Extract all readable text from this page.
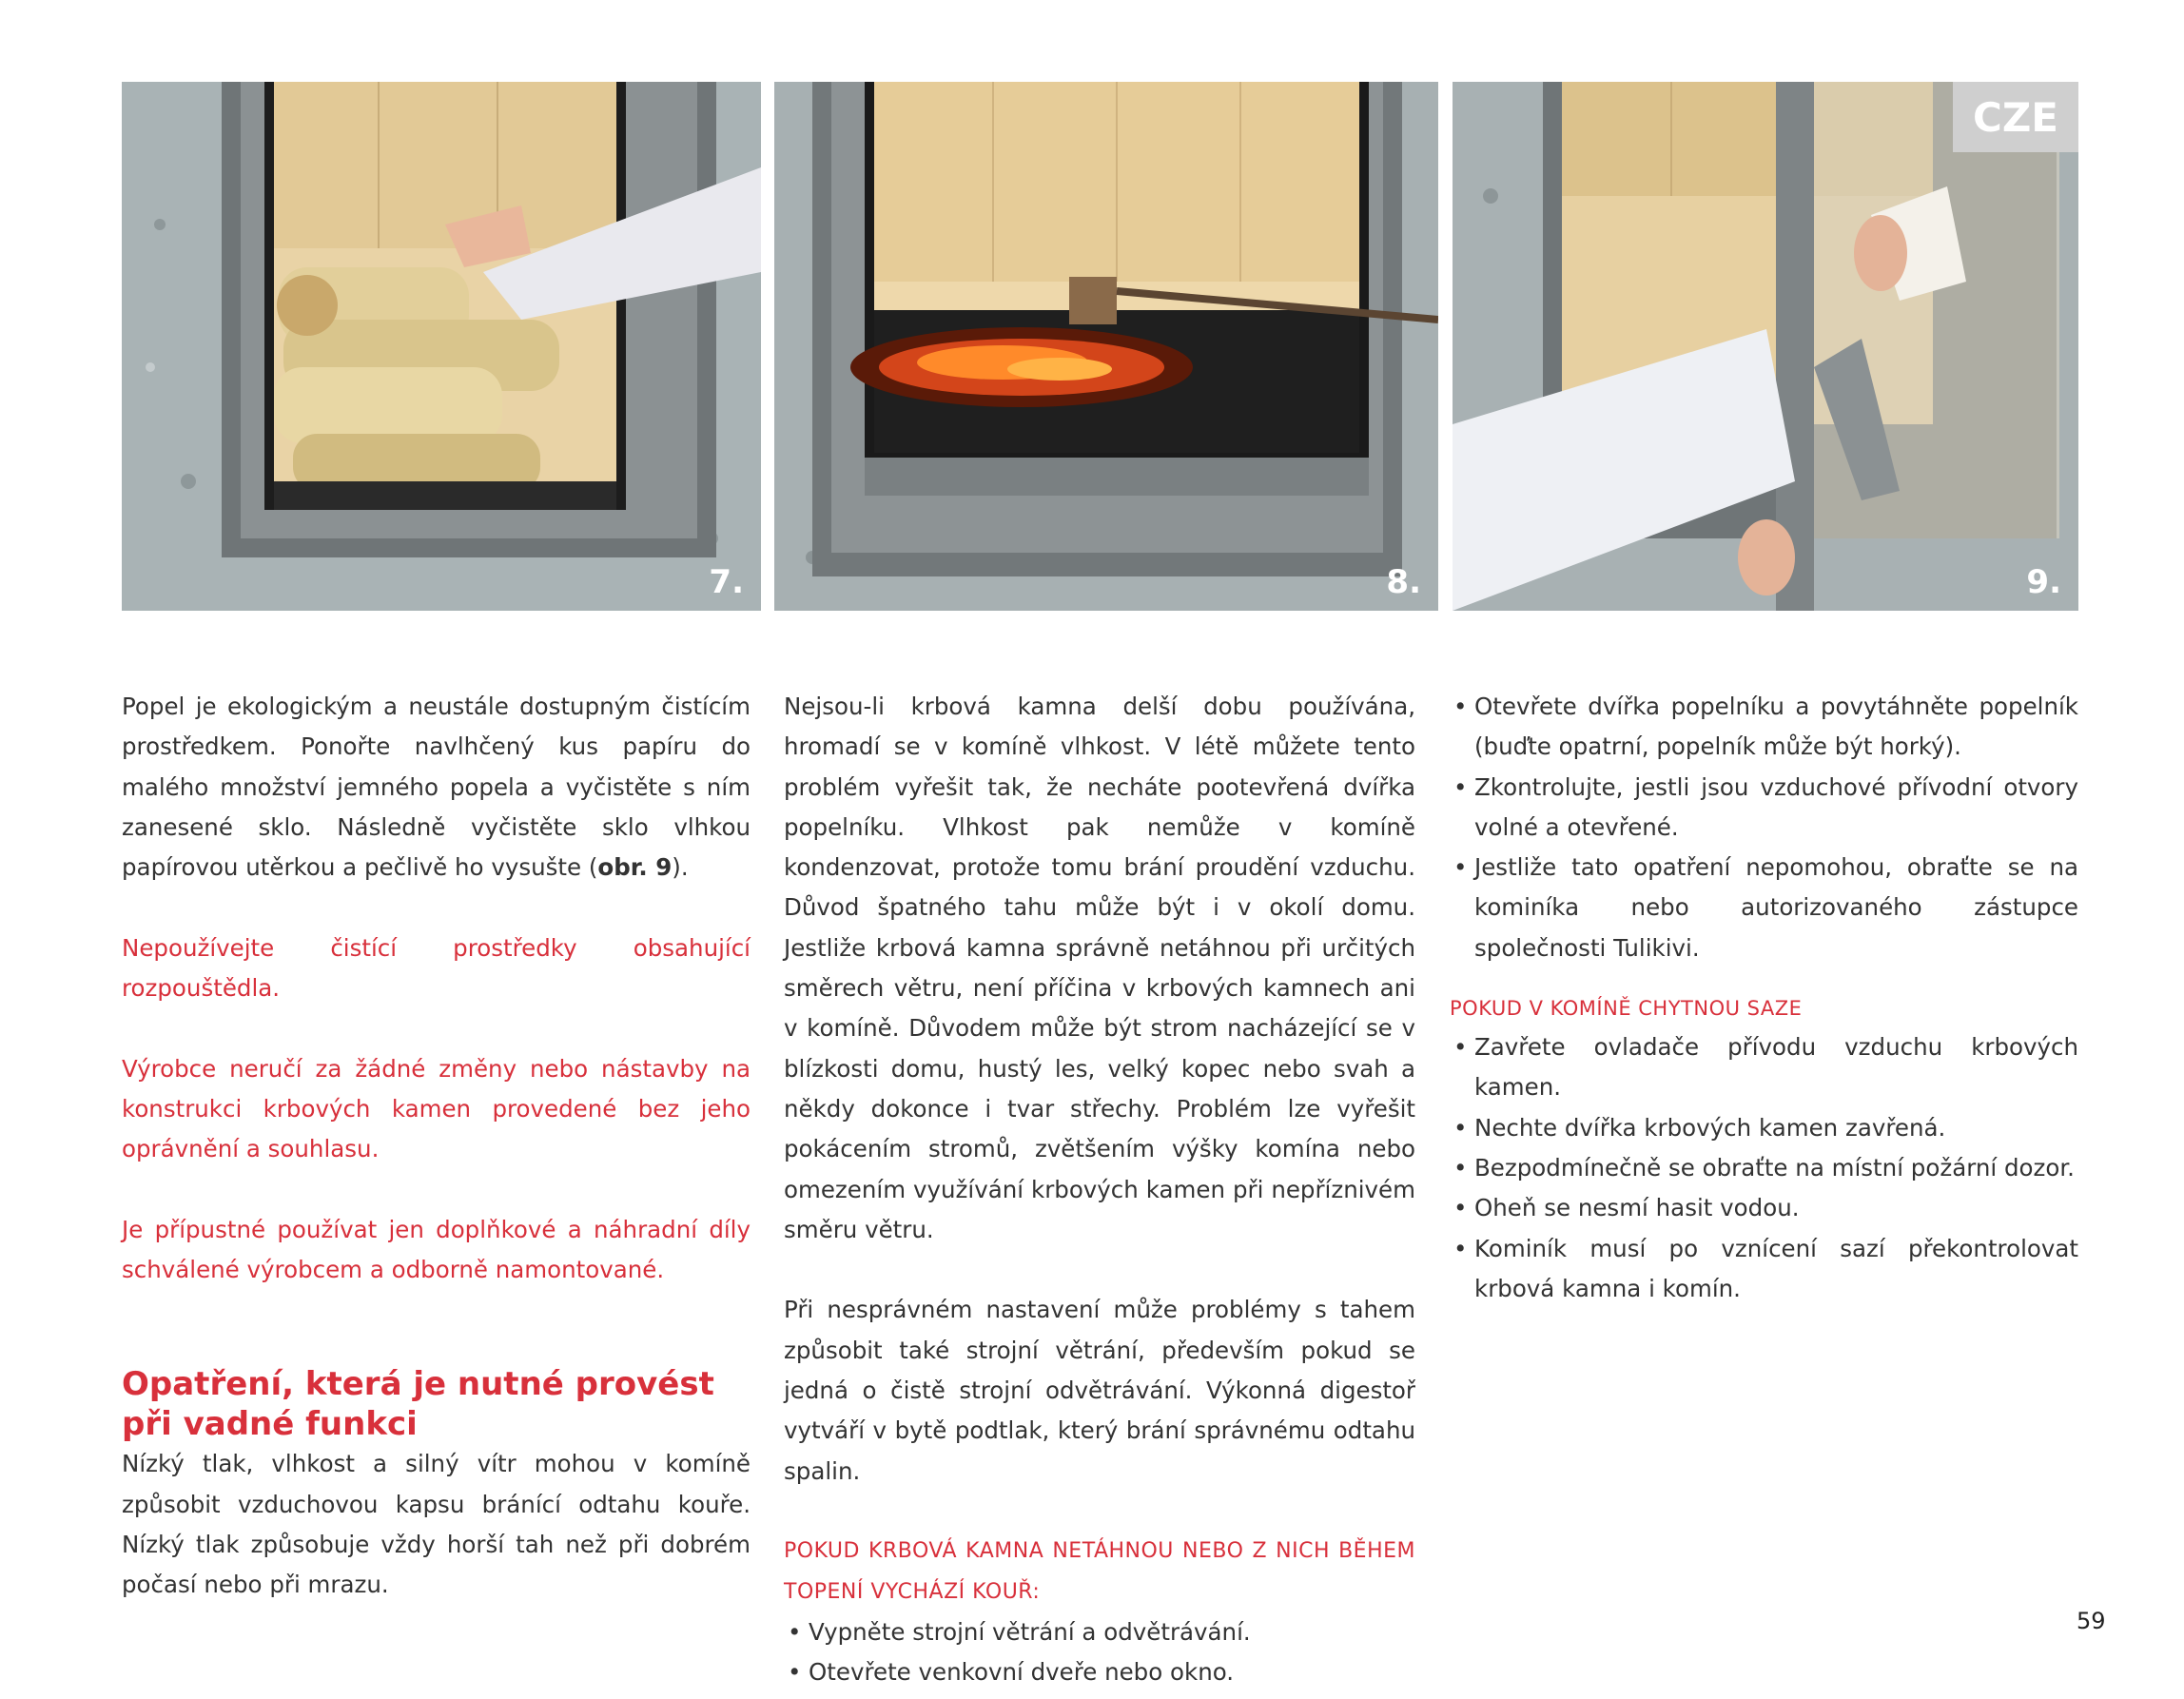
7.	8.
CZE
9.

Popel je ekologickým a neustále dostupným čistícím prostředkem. Ponořte navlhčený kus papíru do malého množství jemného popela a vyčistěte s ním zanesené sklo. Následně vyčistěte sklo vlhkou papírovou utěrkou a pečlivě ho vysušte (obr. 9).

Nepoužívejte čistící prostředky obsahující rozpouštědla.

Výrobce neručí za žádné změny nebo nástavby na konstrukci krbových kamen provedené bez jeho oprávnění a souhlasu.

Je přípustné používat jen doplňkové a náhradní díly schválené výrobcem a odborně namontované.

Opatření, která je nutné provést při vadné funkci

Nízký tlak, vlhkost a silný vítr mohou v komíně způsobit vzduchovou kapsu bránící odtahu kouře. Nízký tlak způsobuje vždy horší tah než při dobrém počasí nebo při mrazu.

Nejsou-li krbová kamna delší dobu používána, hromadí se v komíně vlhkost. V létě můžete tento problém vyřešit tak, že necháte pootevřená dvířka popelníku. Vlhkost pak nemůže v komíně kondenzovat, protože tomu brání proudění vzduchu. Důvod špatného tahu může být i v okolí domu. Jestliže krbová kamna správně netáhnou při určitých směrech větru, není příčina v krbových kamnech ani v komíně. Důvodem může být strom nacházející se v blízkosti domu, hustý les, velký kopec nebo svah a někdy dokonce i tvar střechy. Problém lze vyřešit pokácením stromů, zvětšením výšky komína nebo omezením využívání krbových kamen při nepříznivém směru větru.

Při nesprávném nastavení může problémy s tahem způsobit také strojní větrání, především pokud se jedná o čistě strojní odvětrávání. Výkonná digestoř vytváří v bytě podtlak, který brání správnému odtahu spalin.

POKUD KRBOVÁ KAMNA NETÁHNOU NEBO Z NICH BĚHEM TOPENÍ VYCHÁZÍ KOUŘ:

• Vypněte strojní větrání a odvětrávání.
• Otevřete venkovní dveře nebo okno.
• Otevřete dvířka popelníku a povytáhněte popelník (buďte opatrní, popelník může být horký).
• Zkontrolujte, jestli jsou vzduchové přívodní otvory volné a otevřené.
• Jestliže tato opatření nepomohou, obraťte se na kominíka nebo autorizovaného zástupce společnosti Tulikivi.

POKUD V KOMÍNĚ CHYTNOU SAZE

• Zavřete ovladače přívodu vzduchu krbových kamen.
• Nechte dvířka krbových kamen zavřená.
• Bezpodmínečně se obraťte na místní požární dozor.
• Oheň se nesmí hasit vodou.
• Kominík musí po vznícení sazí překontrolovat krbová kamna i komín.
59
